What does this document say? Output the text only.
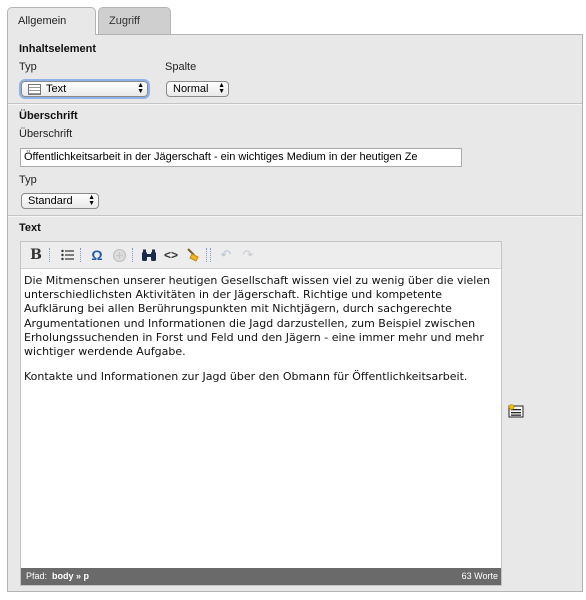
Allgemein	Zugriff
Inhaltselement
Typ	Spalte
Text	▲
▼	Normal ▲
▼
Überschrift
Überschrift
Öffentlichkeitsarbeit in der Jägerschaft - ein wichtiges Medium in der heutigen Ze
Typ
Standard ▲
▼
Text
B	Ω	<>	↶ ↷

Die Mitmenschen unserer heutigen Gesellschaft wissen viel zu wenig über die vielen unterschiedlichsten Aktivitäten in der Jägerschaft. Richtige und kompetente Aufklärung bei allen Berührungspunkten mit Nichtjägern, durch sachgerechte Argumentationen und Informationen die Jagd darzustellen, zum Beispiel zwischen Erholungssuchenden in Forst und Feld und den Jägern - eine immer mehr und mehr wichtiger werdende Aufgabe.

Kontakte und Informationen zur Jagd über den Obmann für Öffentlichkeitsarbeit.

Pfad: body » p	63 Worte
